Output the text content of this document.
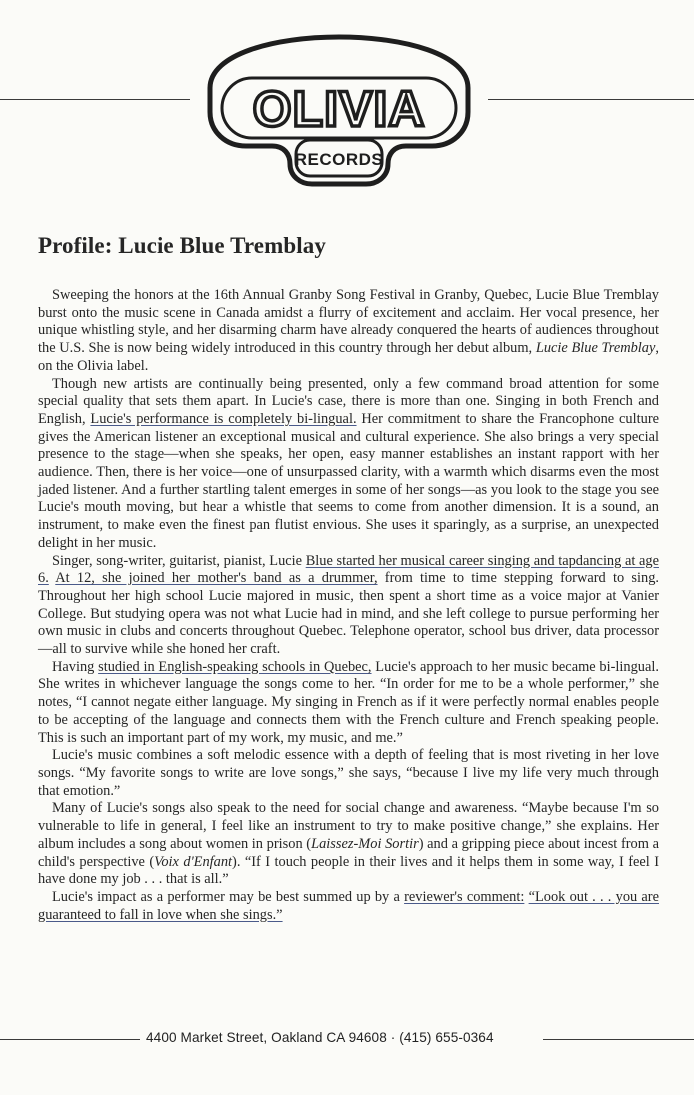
OLIVIA
RECORDS
Profile: Lucie Blue Tremblay

Sweeping the honors at the 16th Annual Granby Song Festival in Granby, Quebec, Lucie Blue Tremblay burst onto the music scene in Canada amidst a flurry of excitement and acclaim. Her vocal presence, her unique whistling style, and her disarming charm have already conquered the hearts of audiences throughout the U.S. She is now being widely introduced in this country through her debut album, Lucie Blue Tremblay, on the Olivia label.

Though new artists are continually being presented, only a few command broad attention for some special quality that sets them apart. In Lucie's case, there is more than one. Singing in both French and English, Lucie's performance is completely bi-lingual. Her commitment to share the Francophone culture gives the American listener an exceptional musical and cultural experience. She also brings a very special presence to the stage—when she speaks, her open, easy manner establishes an instant rapport with her audience. Then, there is her voice—one of unsurpassed clarity, with a warmth which disarms even the most jaded listener. And a further startling talent emerges in some of her songs—as you look to the stage you see Lucie's mouth moving, but hear a whistle that seems to come from another dimension. It is a sound, an instrument, to make even the finest pan flutist envious. She uses it sparingly, as a surprise, an unexpected delight in her music.

Singer, song-writer, guitarist, pianist, Lucie Blue started her musical career singing and tapdancing at age 6. At 12, she joined her mother's band as a drummer, from time to time stepping forward to sing. Throughout her high school Lucie majored in music, then spent a short time as a voice major at Vanier College. But studying opera was not what Lucie had in mind, and she left college to pursue performing her own music in clubs and concerts throughout Quebec. Telephone operator, school bus driver, data processor—all to survive while she honed her craft.

Having studied in English-speaking schools in Quebec, Lucie's approach to her music became bi-lingual. She writes in whichever language the songs come to her. “In order for me to be a whole performer,” she notes, “I cannot negate either language. My singing in French as if it were perfectly normal enables people to be accepting of the language and connects them with the French culture and French speaking people. This is such an important part of my work, my music, and me.”

Lucie's music combines a soft melodic essence with a depth of feeling that is most riveting in her love songs. “My favorite songs to write are love songs,” she says, “because I live my life very much through that emotion.”

Many of Lucie's songs also speak to the need for social change and awareness. “Maybe because I'm so vulnerable to life in general, I feel like an instrument to try to make positive change,” she explains. Her album includes a song about women in prison (Laissez-Moi Sortir) and a gripping piece about incest from a child's perspective (Voix d'Enfant). “If I touch people in their lives and it helps them in some way, I feel I have done my job . . . that is all.”

Lucie's impact as a performer may be best summed up by a reviewer's comment: “Look out . . . you are guaranteed to fall in love when she sings.”

4400 Market Street, Oakland CA 94608 · (415) 655-0364
